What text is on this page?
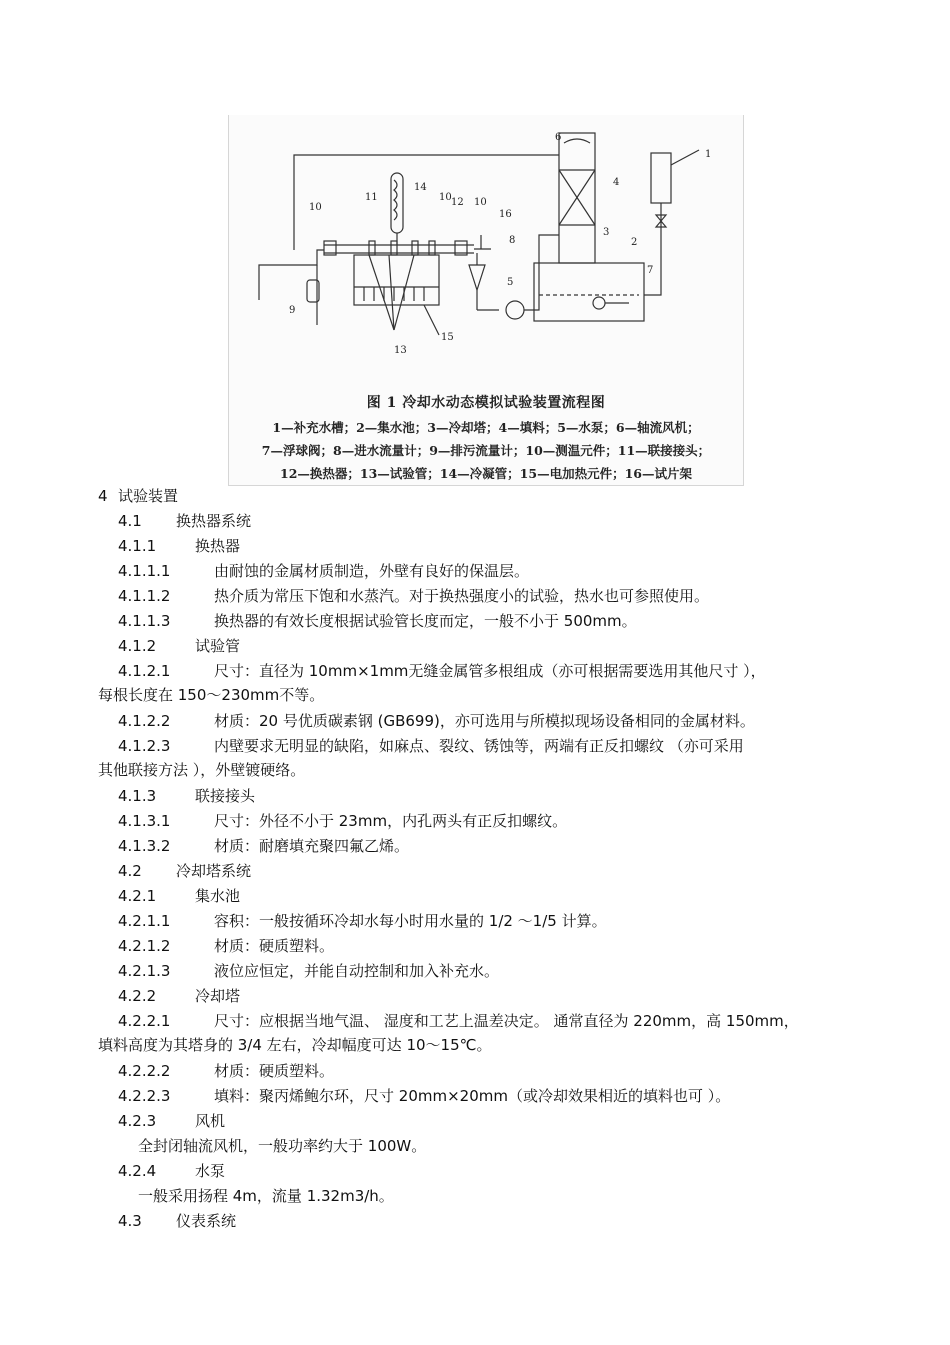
1
2
3
4
5
6
7
8
9
10
11	12
13
14
15
16
10 10
图 1 冷却水动态模拟试验装置流程图
1—补充水槽；2—集水池；3—冷却塔；4—填料；5—水泵；6—轴流风机；
7—浮球阀；8—进水流量计；9—排污流量计；10—测温元件；11—联接接头；
12—换热器；13—试验管；14—冷凝管；15—电加热元件；16—试片架
4 试验装置
4.1 换热器系统
4.1.1	换热器
4.1.1.1	由耐蚀的金属材质制造，外壁有良好的保温层。
4.1.1.2	热介质为常压下饱和水蒸汽。对于换热强度小的试验，热水也可参照使用。
4.1.1.3	换热器的有效长度根据试验管长度而定，一般不小于 500mm。
4.1.2	试验管
4.1.2.1	尺寸：直径为 10mm×1mm无缝金属管多根组成（亦可根据需要选用其他尺寸 ），
每根长度在 150～230mm不等。
4.1.2.2	材质：20 号优质碳素钢 (GB699)，亦可选用与所模拟现场设备相同的金属材料。
4.1.2.3	内壁要求无明显的缺陷，如麻点、裂纹、锈蚀等，两端有正反扣螺纹 （亦可采用
其他联接方法 ），外壁镀硬络。
4.1.3	联接接头
4.1.3.1	尺寸：外径不小于 23mm，内孔两头有正反扣螺纹。
4.1.3.2	材质：耐磨填充聚四氟乙烯。
4.2 冷却塔系统
4.2.1	集水池
4.2.1.1	容积：一般按循环冷却水每小时用水量的 1/2 ～1/5 计算。
4.2.1.2	材质：硬质塑料。
4.2.1.3	液位应恒定，并能自动控制和加入补充水。
4.2.2	冷却塔
4.2.2.1	尺寸：应根据当地气温、 湿度和工艺上温差决定。 通常直径为 220mm，高 150mm，
填料高度为其塔身的 3/4 左右，冷却幅度可达 10～15℃。
4.2.2.2	材质：硬质塑料。
4.2.2.3	填料：聚丙烯鲍尔环，尺寸 20mm×20mm（或冷却效果相近的填料也可 ）。
4.2.3	风机
全封闭轴流风机，一般功率约大于 100W。
4.2.4	水泵
一般采用扬程 4m，流量 1.32m3/h。
4.3 仪表系统
